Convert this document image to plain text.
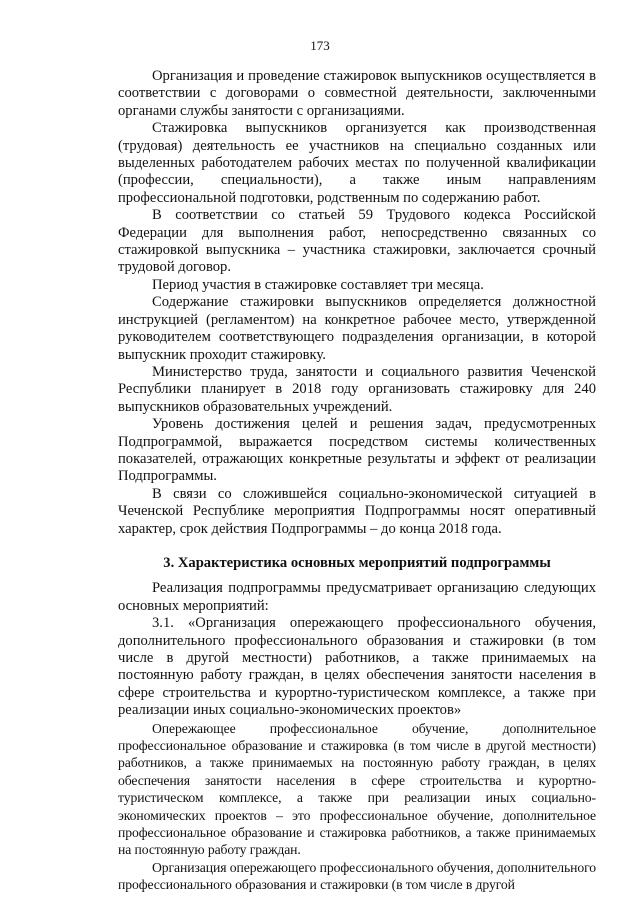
173

Организация и проведение стажировок выпускников осуществляется в соответствии с договорами о совместной деятельности, заключенными органами службы занятости с организациями.

Стажировка выпускников организуется как производственная (трудовая) деятельность ее участников на специально созданных или выделенных работодателем рабочих местах по полученной квалификации (профессии, специальности), а также иным направлениям профессиональной подготовки, родственным по содержанию работ.

В соответствии со статьей 59 Трудового кодекса Российской Федерации для выполнения работ, непосредственно связанных со стажировкой выпускника – участника стажировки, заключается срочный трудовой договор.

Период участия в стажировке составляет три месяца.

Содержание стажировки выпускников определяется должностной инструкцией (регламентом) на конкретное рабочее место, утвержденной руководителем соответствующего подразделения организации, в которой выпускник проходит стажировку.

Министерство труда, занятости и социального развития Чеченской Республики планирует в 2018 году организовать стажировку для 240 выпускников образовательных учреждений.

Уровень достижения целей и решения задач, предусмотренных Подпрограммой, выражается посредством системы количественных показателей, отражающих конкретные результаты и эффект от реализации Подпрограммы.

В связи со сложившейся социально-экономической ситуацией в Чеченской Республике мероприятия Подпрограммы носят оперативный характер, срок действия Подпрограммы – до конца 2018 года.

3. Характеристика основных мероприятий подпрограммы

Реализация подпрограммы предусматривает организацию следующих основных мероприятий:

3.1. «Организация опережающего профессионального обучения, дополнительного профессионального образования и стажировки (в том числе в другой местности) работников, а также принимаемых на постоянную работу граждан, в целях обеспечения занятости населения в сфере строительства и курортно-туристическом комплексе, а также при реализации иных социально-экономических проектов»

Опережающее профессиональное обучение, дополнительное профессиональное образование и стажировка (в том числе в другой местности) работников, а также принимаемых на постоянную работу граждан, в целях обеспечения занятости населения в сфере строительства и курортно-туристическом комплексе, а также при реализации иных социально-экономических проектов – это профессиональное обучение, дополнительное профессиональное образование и стажировка работников, а также принимаемых на постоянную работу граждан.

Организация опережающего профессионального обучения, дополнительного профессионального образования и стажировки (в том числе в другой
